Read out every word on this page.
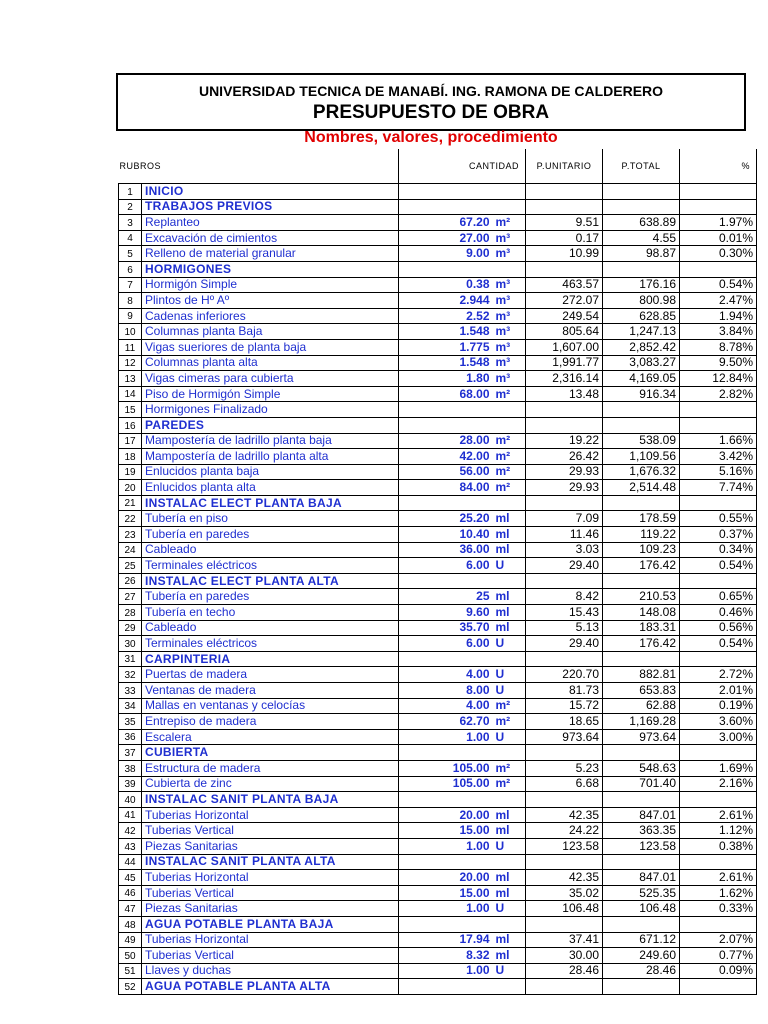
UNIVERSIDAD TECNICA DE MANABÍ. ING. RAMONA DE CALDERERO
PRESUPUESTO DE OBRA
Nombres, valores, procedimiento
RUBROS		CANTIDAD		P.UNITARIO	P.TOTAL	%
1	INICIO					
2	TRABAJOS PREVIOS					
3	Replanteo	67.20	m²	9.51	638.89	1.97%
4	Excavación de cimientos	27.00	m³	0.17	4.55	0.01%
5	Relleno de material granular	9.00	m³	10.99	98.87	0.30%
6	HORMIGONES					
7	Hormigón Simple	0.38	m³	463.57	176.16	0.54%
8	Plintos de Hº Aº	2.944	m³	272.07	800.98	2.47%
9	Cadenas inferiores	2.52	m³	249.54	628.85	1.94%
10	Columnas planta Baja	1.548	m³	805.64	1,247.13	3.84%
11	Vigas sueriores de planta baja	1.775	m³	1,607.00	2,852.42	8.78%
12	Columnas planta alta	1.548	m³	1,991.77	3,083.27	9.50%
13	Vigas cimeras para cubierta	1.80	m³	2,316.14	4,169.05	12.84%
14	Piso de Hormigón Simple	68.00	m²	13.48	916.34	2.82%
15	Hormigones Finalizado					
16	PAREDES					
17	Mampostería de ladrillo planta baja	28.00	m²	19.22	538.09	1.66%
18	Mampostería de ladrillo planta alta	42.00	m²	26.42	1,109.56	3.42%
19	Enlucidos planta baja	56.00	m²	29.93	1,676.32	5.16%
20	Enlucidos planta alta	84.00	m²	29.93	2,514.48	7.74%
21	INSTALAC ELECT PLANTA BAJA					
22	Tubería en piso	25.20	ml	7.09	178.59	0.55%
23	Tubería en paredes	10.40	ml	11.46	119.22	0.37%
24	Cableado	36.00	ml	3.03	109.23	0.34%
25	Terminales eléctricos	6.00	U	29.40	176.42	0.54%
26	INSTALAC ELECT PLANTA ALTA					
27	Tubería en paredes	25	ml	8.42	210.53	0.65%
28	Tubería en techo	9.60	ml	15.43	148.08	0.46%
29	Cableado	35.70	ml	5.13	183.31	0.56%
30	Terminales eléctricos	6.00	U	29.40	176.42	0.54%
31	CARPINTERIA					
32	Puertas de madera	4.00	U	220.70	882.81	2.72%
33	Ventanas de madera	8.00	U	81.73	653.83	2.01%
34	Mallas en ventanas y celocías	4.00	m²	15.72	62.88	0.19%
35	Entrepiso de madera	62.70	m²	18.65	1,169.28	3.60%
36	Escalera	1.00	U	973.64	973.64	3.00%
37	CUBIERTA					
38	Estructura de madera	105.00	m²	5.23	548.63	1.69%
39	Cubierta de zinc	105.00	m²	6.68	701.40	2.16%
40	INSTALAC SANIT PLANTA BAJA					
41	Tuberias Horizontal	20.00	ml	42.35	847.01	2.61%
42	Tuberias Vertical	15.00	ml	24.22	363.35	1.12%
43	Piezas Sanitarias	1.00	U	123.58	123.58	0.38%
44	INSTALAC SANIT PLANTA ALTA					
45	Tuberias Horizontal	20.00	ml	42.35	847.01	2.61%
46	Tuberias Vertical	15.00	ml	35.02	525.35	1.62%
47	Piezas Sanitarias	1.00	U	106.48	106.48	0.33%
48	AGUA POTABLE PLANTA BAJA					
49	Tuberias Horizontal	17.94	ml	37.41	671.12	2.07%
50	Tuberias Vertical	8.32	ml	30.00	249.60	0.77%
51	Llaves y duchas	1.00	U	28.46	28.46	0.09%
52	AGUA POTABLE PLANTA ALTA					
